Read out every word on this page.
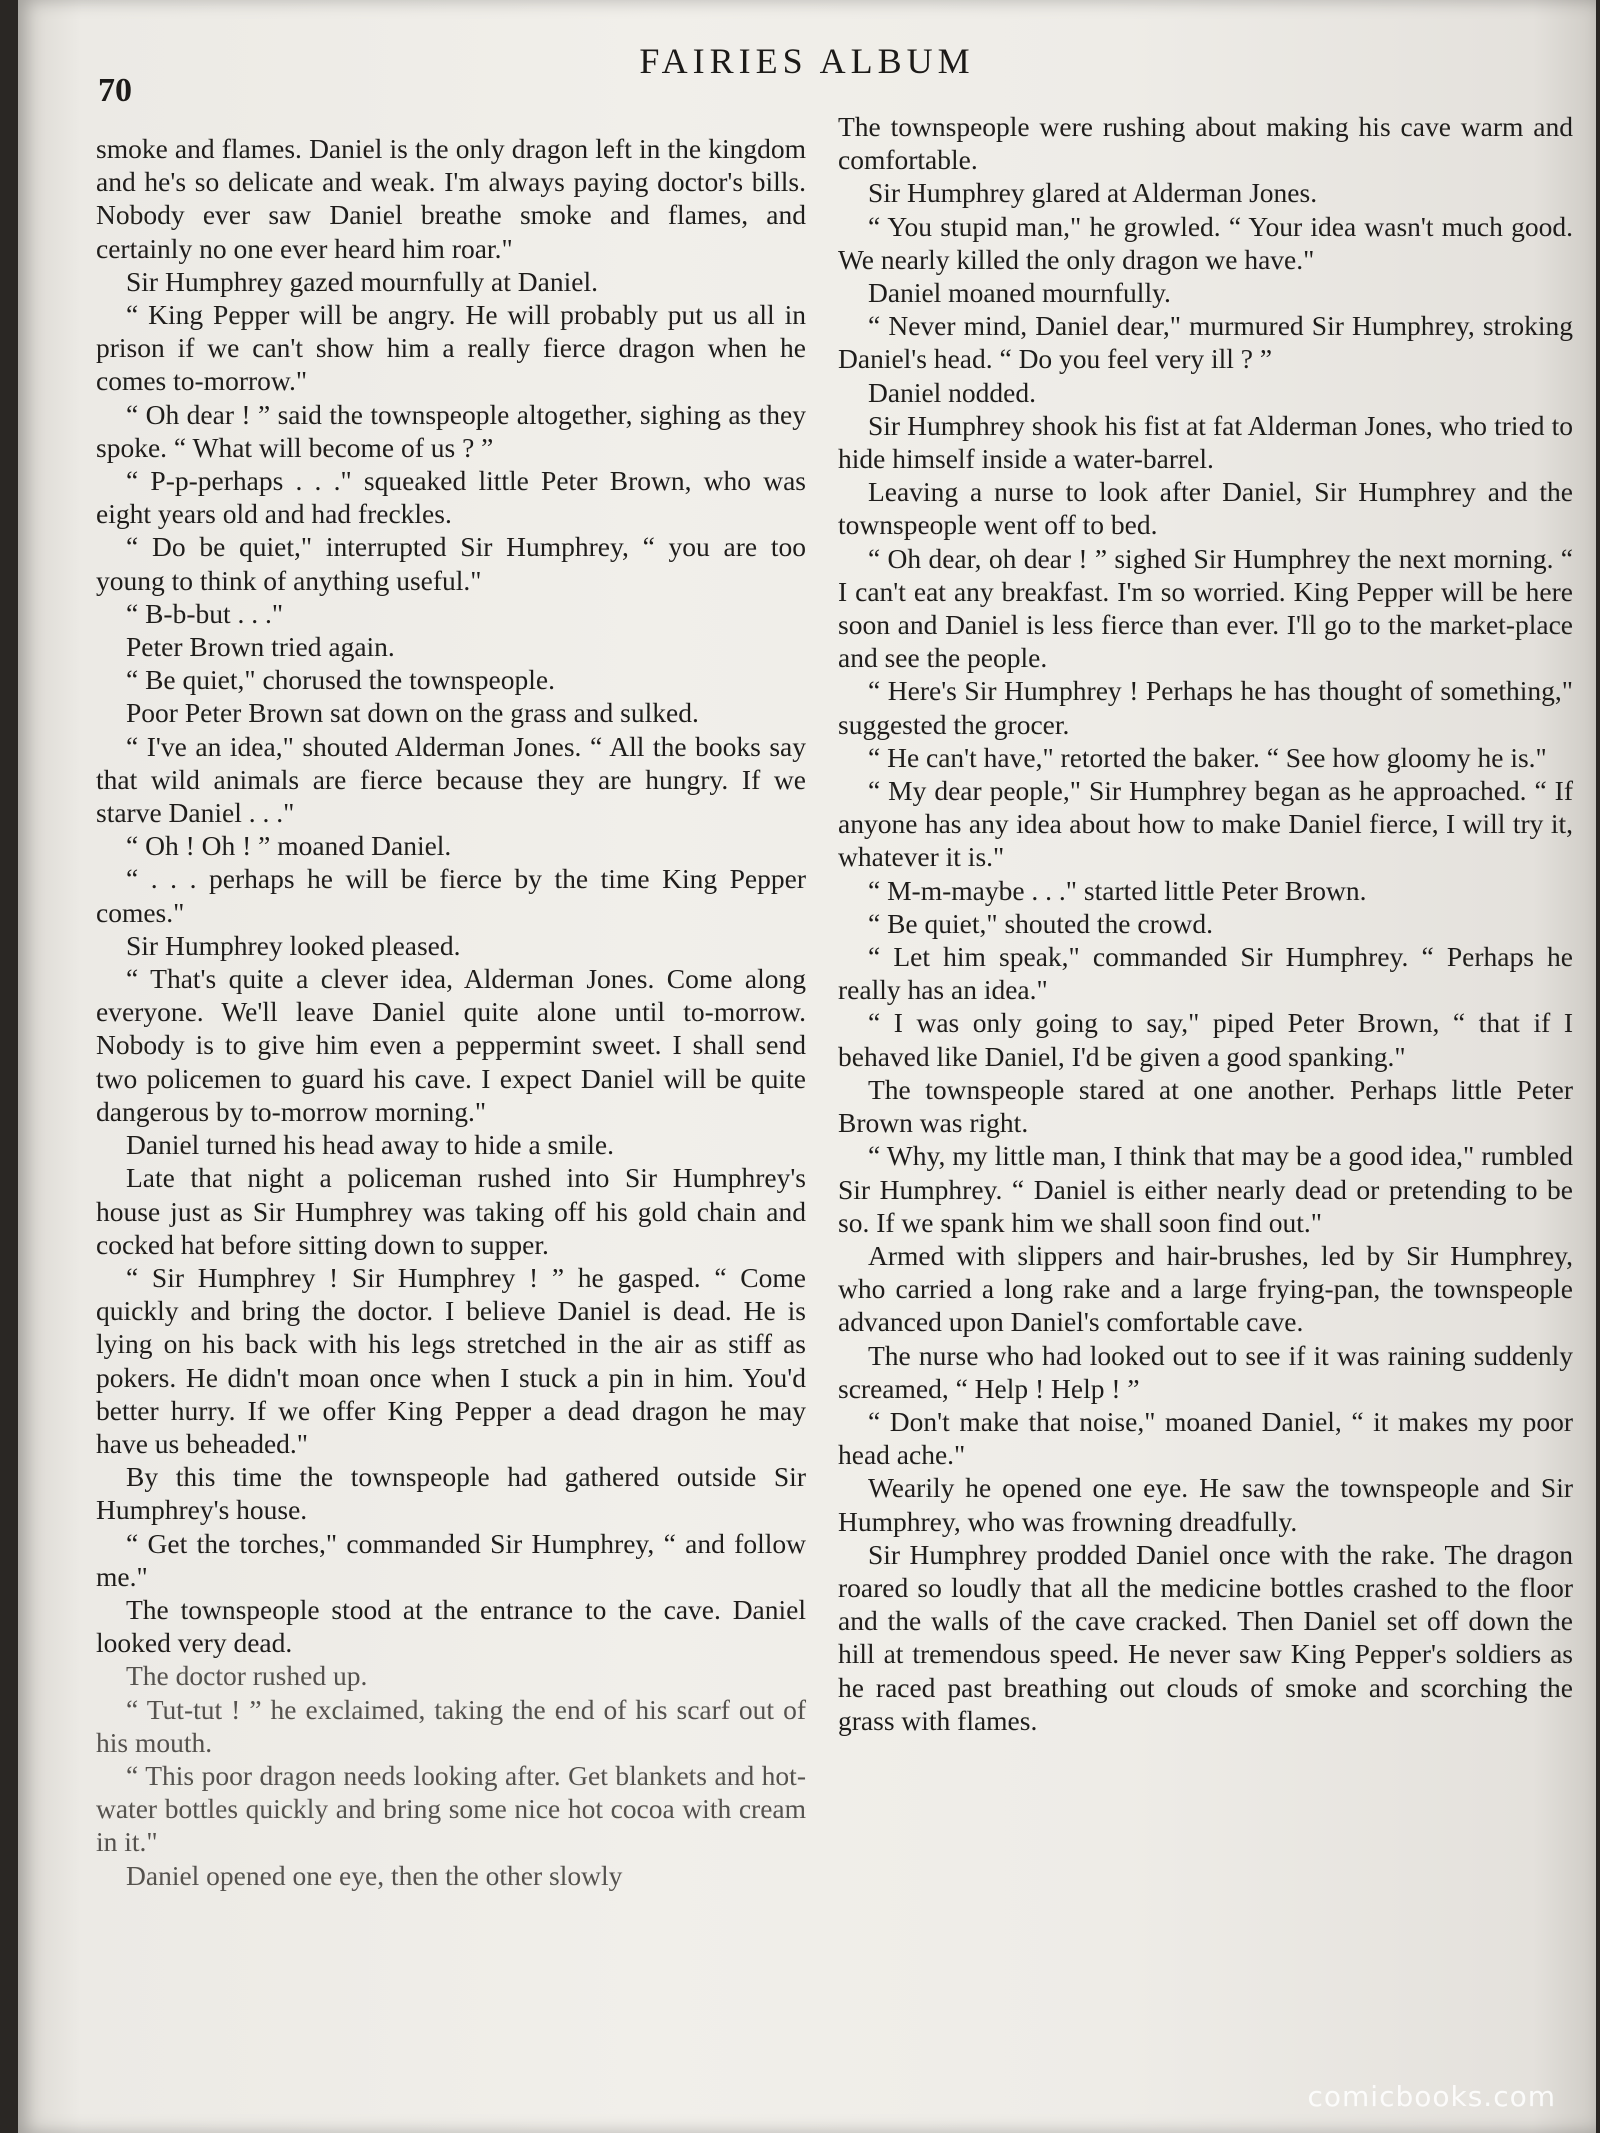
70
FAIRIES ALBUM

smoke and flames. Daniel is the only dragon left in the kingdom and he's so delicate and weak. I'm always paying doctor's bills. Nobody ever saw Daniel breathe smoke and flames, and certainly no one ever heard him roar."

Sir Humphrey gazed mournfully at Daniel.

“ King Pepper will be angry. He will probably put us all in prison if we can't show him a really fierce dragon when he comes to-morrow."

“ Oh dear ! ” said the townspeople altogether, sighing as they spoke. “ What will become of us ? ”

“ P-p-perhaps . . ." squeaked little Peter Brown, who was eight years old and had freckles.

“ Do be quiet," interrupted Sir Humphrey, “ you are too young to think of anything useful."

“ B-b-but . . ."

Peter Brown tried again.

“ Be quiet," chorused the townspeople.

Poor Peter Brown sat down on the grass and sulked.

“ I've an idea," shouted Alderman Jones. “ All the books say that wild animals are fierce because they are hungry. If we starve Daniel . . ."

“ Oh ! Oh ! ” moaned Daniel.

“ . . . perhaps he will be fierce by the time King Pepper comes."

Sir Humphrey looked pleased.

“ That's quite a clever idea, Alderman Jones. Come along everyone. We'll leave Daniel quite alone until to-morrow. Nobody is to give him even a peppermint sweet. I shall send two policemen to guard his cave. I expect Daniel will be quite dangerous by to-morrow morning."

Daniel turned his head away to hide a smile.

Late that night a policeman rushed into Sir Humphrey's house just as Sir Humphrey was taking off his gold chain and cocked hat before sitting down to supper.

“ Sir Humphrey ! Sir Humphrey ! ” he gasped. “ Come quickly and bring the doctor. I believe Daniel is dead. He is lying on his back with his legs stretched in the air as stiff as pokers. He didn't moan once when I stuck a pin in him. You'd better hurry. If we offer King Pepper a dead dragon he may have us beheaded."

By this time the townspeople had gathered outside Sir Humphrey's house.

“ Get the torches," commanded Sir Humphrey, “ and follow me."

The townspeople stood at the entrance to the cave. Daniel looked very dead.

The doctor rushed up.

“ Tut-tut ! ” he exclaimed, taking the end of his scarf out of his mouth.

“ This poor dragon needs looking after. Get blankets and hot-water bottles quickly and bring some nice hot cocoa with cream in it."

Daniel opened one eye, then the other slowly

The townspeople were rushing about making his cave warm and comfortable.

Sir Humphrey glared at Alderman Jones.

“ You stupid man," he growled. “ Your idea wasn't much good. We nearly killed the only dragon we have."

Daniel moaned mournfully.

“ Never mind, Daniel dear," murmured Sir Humphrey, stroking Daniel's head. “ Do you feel very ill ? ”

Daniel nodded.

Sir Humphrey shook his fist at fat Alderman Jones, who tried to hide himself inside a water-barrel.

Leaving a nurse to look after Daniel, Sir Humphrey and the townspeople went off to bed.

“ Oh dear, oh dear ! ” sighed Sir Humphrey the next morning. “ I can't eat any breakfast. I'm so worried. King Pepper will be here soon and Daniel is less fierce than ever. I'll go to the market-place and see the people.

“ Here's Sir Humphrey ! Perhaps he has thought of something," suggested the grocer.

“ He can't have," retorted the baker. “ See how gloomy he is."

“ My dear people," Sir Humphrey began as he approached. “ If anyone has any idea about how to make Daniel fierce, I will try it, whatever it is."

“ M-m-maybe . . ." started little Peter Brown.

“ Be quiet," shouted the crowd.

“ Let him speak," commanded Sir Humphrey. “ Perhaps he really has an idea."

“ I was only going to say," piped Peter Brown, “ that if I behaved like Daniel, I'd be given a good spanking."

The townspeople stared at one another. Perhaps little Peter Brown was right.

“ Why, my little man, I think that may be a good idea," rumbled Sir Humphrey. “ Daniel is either nearly dead or pretending to be so. If we spank him we shall soon find out."

Armed with slippers and hair-brushes, led by Sir Humphrey, who carried a long rake and a large frying-pan, the townspeople advanced upon Daniel's comfortable cave.

The nurse who had looked out to see if it was raining suddenly screamed, “ Help ! Help ! ”

“ Don't make that noise," moaned Daniel, “ it makes my poor head ache."

Wearily he opened one eye. He saw the townspeople and Sir Humphrey, who was frowning dreadfully.

Sir Humphrey prodded Daniel once with the rake. The dragon roared so loudly that all the medicine bottles crashed to the floor and the walls of the cave cracked. Then Daniel set off down the hill at tremendous speed. He never saw King Pepper's soldiers as he raced past breathing out clouds of smoke and scorching the grass with flames.

comicbooks.com
